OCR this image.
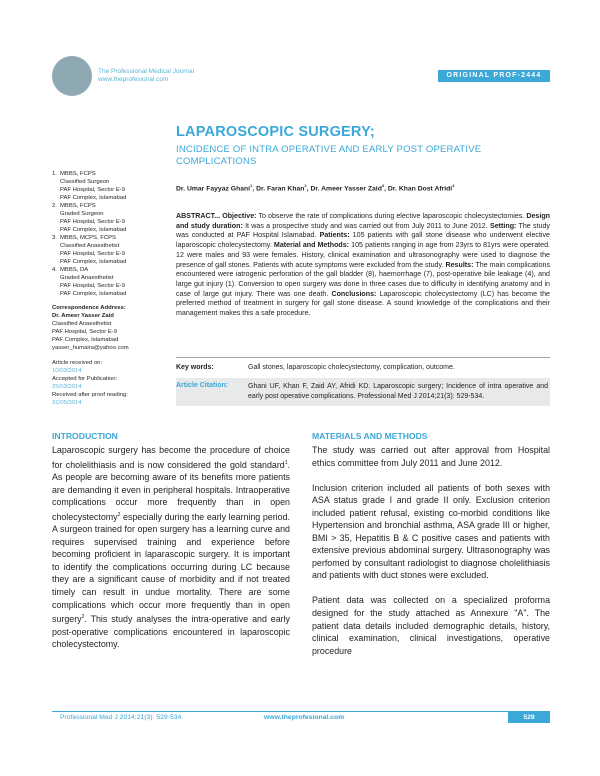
The Professional Medical Journal
www.theprofesional.com
ORIGINAL PROF-2444
LAPAROSCOPIC SURGERY;
INCIDENCE OF INTRA OPERATIVE AND EARLY POST OPERATIVE COMPLICATIONS
Dr. Umar Fayyaz Ghani$^1$, Dr. Faran Khan$^2$, Dr. Ameer Yasser Zaid$^3$, Dr. Khan Dost Afridi$^4$
1. MBBS, FCPS
Classified Surgeon
PAF Hospital, Sector E-9
PAF Complex, Islamabad
2. MBBS, FCPS
Graded Surgeon
PAF Hospital, Sector E-9
PAF Complex, Islamabad
3. MBBS, MCPS, FCPS
Classified Anaesthetist
PAF Hospital, Sector E-9
PAF Complex, Islamabad
4. MBBS, DA
Graded Anaesthetist
PAF Hospital, Sector E-9
PAF Complex, Islamabad
Correspondence Address:
Dr. Ameer Yasser Zaid
Classified Anaesthetist
PAF Hospital, Sector E-9
PAF Complex, Islamabad
yasser_humaira@yahoo.com
Article received on:
10/03/2014
Accepted for Publication:
25/03/2014
Received after proof reading:
31/05/2014
ABSTRACT... Objective: To observe the rate of complications during elective laparoscopic cholecystectomies. Design and study duration: It was a prospective study and was carried out from July 2011 to June 2012. Setting: The study was conducted at PAF Hospital Islamabad. Patients: 105 patients with gall stone disease who underwent elective laparoscopic cholecystectomy. Material and Methods: 105 patients ranging in age from 23yrs to 81yrs were operated. 12 were males and 93 were females. History, clinical examination and ultrasonography were used to diagnose the presence of gall stones. Patients with acute symptoms were excluded from the study. Results: The main complications encountered were iatrogenic perforation of the gall bladder (8), haemorrhage (7), post-operative bile leakage (4), and large gut injury (1). Conversion to open surgery was done in three cases due to difficulty in identifying anatomy and in case of large gut injury. There was one death. Conclusions: Laparoscopic cholecystectomy (LC) has become the preferred method of treatment in surgery for gall stone disease. A sound knowledge of the complications and their management makes this a safe procedure.
Key words:	Gall stones, laparoscopic cholecystectomy, complication, outcome.
Article Citation:	Ghani UF, Khan F, Zaid AY, Afridi KD. Laparoscopic surgery; Incidence of intra operative and early post operative complications. Professional Med J 2014;21(3): 529-534.
INTRODUCTION
Laparoscopic surgery has become the procedure of choice for cholelithiasis and is now considered the gold standard$^1$. As people are becoming aware of its benefits more patients are demanding it even in peripheral hospitals. Intraoperative complications occur more frequently than in open cholecystectomy$^2$ especially during the early learning period. A surgeon trained for open surgery has a learning curve and requires supervised training and experience before becoming proficient in laparascopic surgery. It is important to identify the complications occurring during LC because they are a significant cause of morbidity and if not treated timely can result in undue mortality. There are some complications which occur more frequently than in open surgery$^2$. This study analyses the intra-operative and early post-operative complications encountered in laparoscopic cholecystectomy.
MATERIALS AND METHODS

The study was carried out after approval from Hospital ethics committee from July 2011 and June 2012.

Inclusion criterion included all patients of both sexes with ASA status grade I and grade II only. Exclusion criterion included patient refusal, existing co-morbid conditions like Hypertension and bronchial asthma, ASA grade III or higher, BMI > 35, Hepatitis B & C positive cases and patients with extensive previous abdominal surgery. Ultrasonography was perfomed by consultant radiologist to diagnose cholelithiasis and patients with duct stones were excluded.

Patient data was collected on a specialized proforma designed for the study attached as Annexure "A". The patient data details included demographic details, history, clinical examination, clinical investigations, operative procedure

Professional Med J 2014;21(3): 529-534.	www.theprofesional.com	529
